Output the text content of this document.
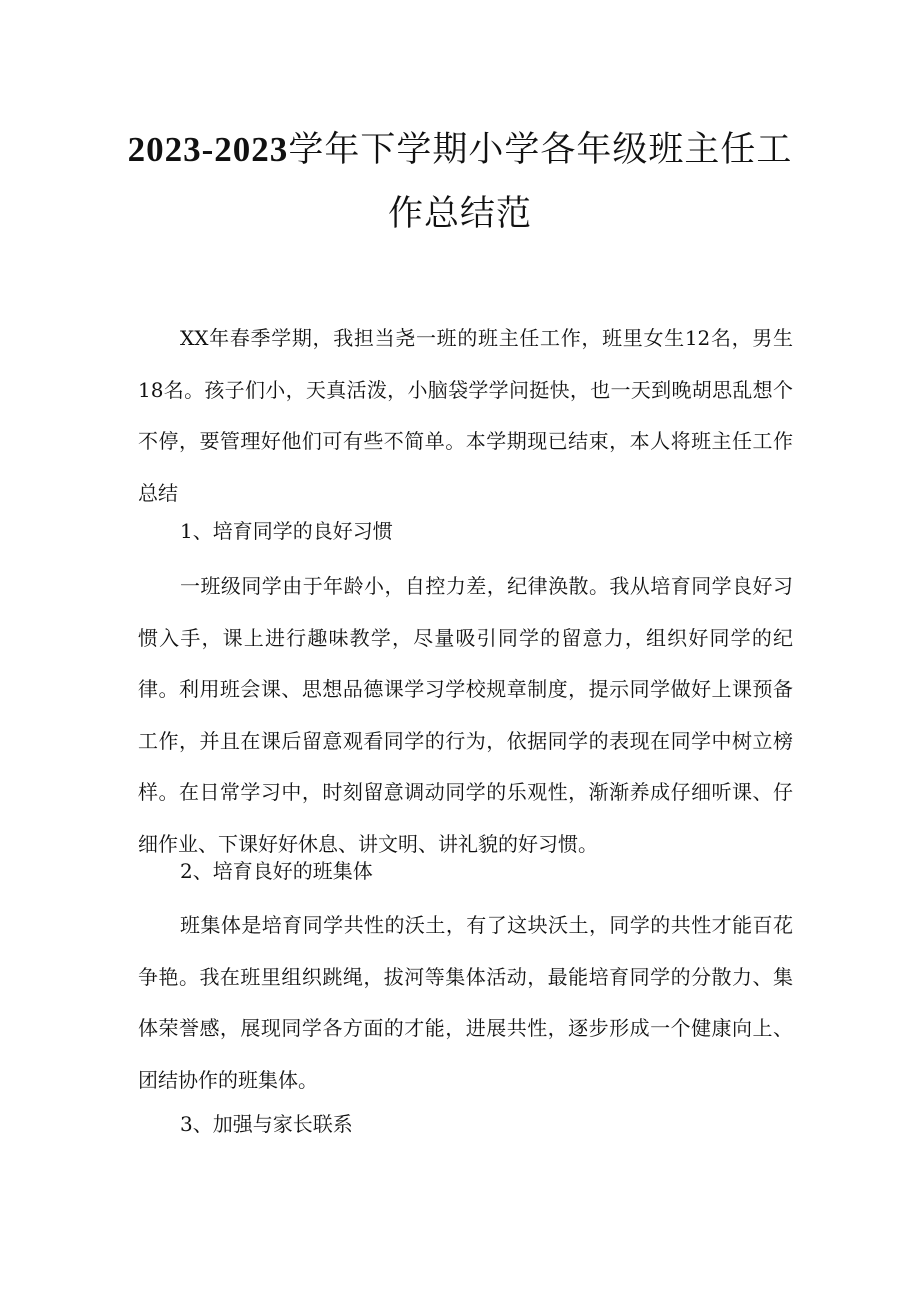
2023-2023学年下学期小学各年级班主任工
作总结范

XX年春季学期，我担当尧一班的班主任工作，班里女生12名，男生18名。孩子们小，天真活泼，小脑袋学学问挺快，也一天到晚胡思乱想个不停，要管理好他们可有些不简单。本学期现已结束，本人将班主任工作总结

1、培育同学的良好习惯

一班级同学由于年龄小，自控力差，纪律涣散。我从培育同学良好习惯入手，课上进行趣味教学，尽量吸引同学的留意力，组织好同学的纪律。利用班会课、思想品德课学习学校规章制度，提示同学做好上课预备工作，并且在课后留意观看同学的行为，依据同学的表现在同学中树立榜样。在日常学习中，时刻留意调动同学的乐观性，渐渐养成仔细听课、仔细作业、下课好好休息、讲文明、讲礼貌的好习惯。

2、培育良好的班集体

班集体是培育同学共性的沃土，有了这块沃土，同学的共性才能百花争艳。我在班里组织跳绳，拔河等集体活动，最能培育同学的分散力、集体荣誉感，展现同学各方面的才能，进展共性，逐步形成一个健康向上、团结协作的班集体。

3、加强与家长联系
